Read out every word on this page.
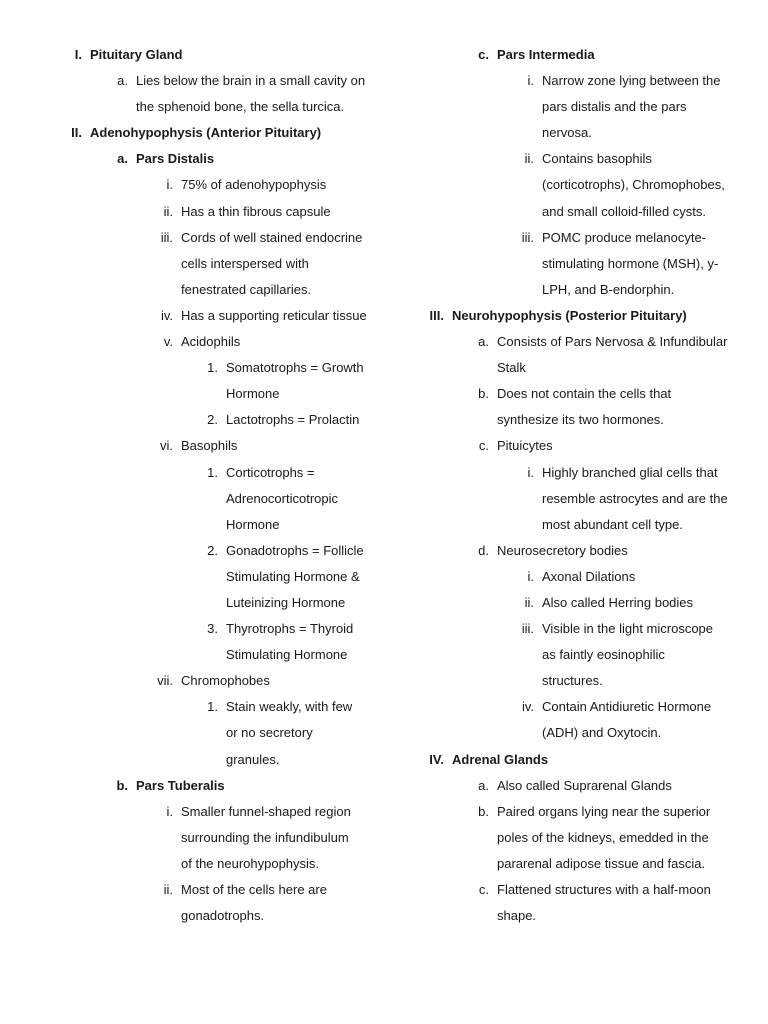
I. Pituitary Gland
a. Lies below the brain in a small cavity on
the sphenoid bone, the sella turcica.
II. Adenohypophysis (Anterior Pituitary)
a. Pars Distalis
i. 75% of adenohypophysis
ii. Has a thin fibrous capsule
iii. Cords of well stained endocrine
cells interspersed with
fenestrated capillaries.
iv. Has a supporting reticular tissue
v. Acidophils
1. Somatotrophs = Growth
Hormone
2. Lactotrophs = Prolactin
vi. Basophils
1. Corticotrophs =
Adrenocorticotropic
Hormone
2. Gonadotrophs = Follicle
Stimulating Hormone &
Luteinizing Hormone
3. Thyrotrophs = Thyroid
Stimulating Hormone
vii. Chromophobes
1. Stain weakly, with few
or no secretory
granules.
b. Pars Tuberalis
i. Smaller funnel-shaped region
surrounding the infundibulum
of the neurohypophysis.
ii. Most of the cells here are
gonadotrophs.
c. Pars Intermedia
i. Narrow zone lying between the
pars distalis and the pars
nervosa.
ii. Contains basophils
(corticotrophs), Chromophobes,
and small colloid-filled cysts.
iii. POMC produce melanocyte-
stimulating hormone (MSH), y-
LPH, and B-endorphin.
III. Neurohypophysis (Posterior Pituitary)
a. Consists of Pars Nervosa & Infundibular
Stalk
b. Does not contain the cells that
synthesize its two hormones.
c. Pituicytes
i. Highly branched glial cells that
resemble astrocytes and are the
most abundant cell type.
d. Neurosecretory bodies
i. Axonal Dilations
ii. Also called Herring bodies
iii. Visible in the light microscope
as faintly eosinophilic
structures.
iv. Contain Antidiuretic Hormone
(ADH) and Oxytocin.
IV. Adrenal Glands
a. Also called Suprarenal Glands
b. Paired organs lying near the superior
poles of the kidneys, emedded in the
pararenal adipose tissue and fascia.
c. Flattened structures with a half-moon
shape.
